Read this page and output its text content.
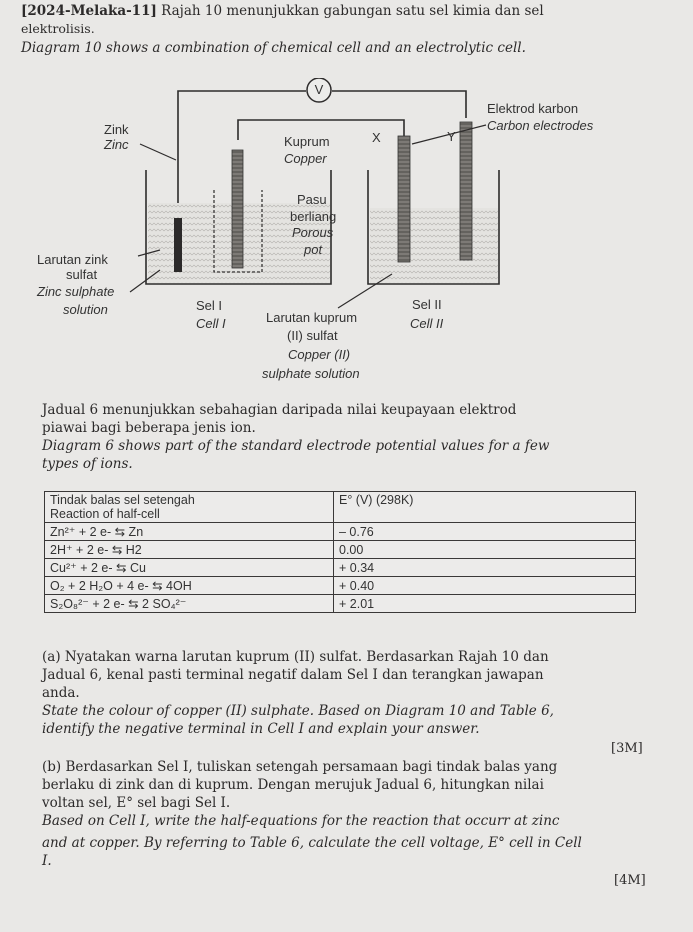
[2024-Melaka-11] Rajah 10 menunjukkan gabungan satu sel kimia dan sel
elektrolisis.
Diagram 10 shows a combination of chemical cell and an electrolytic cell.
V
Zink
Zinc	Kuprum
Copper
X	Y
Elektrod karbon
Carbon electrodes
Pasu
berliang
Porous
pot
Larutan zink
sulfat
Zinc sulphate
solution	Sel I
Cell I	Larutan kuprum
(II) sulfat
Copper (II)
sulphate solution
Sel II
Cell II
Jadual 6 menunjukkan sebahagian daripada nilai keupayaan elektrod
piawai bagi beberapa jenis ion.
Diagram 6 shows part of the standard electrode potential values for a few
types of ions.
Tindak balas sel setengah
Reaction of half-cell	E° (V) (298K)
Zn²⁺ + 2 e- ⇆ Zn	– 0.76
2H⁺ + 2 e- ⇆ H2	0.00
Cu²⁺ + 2 e- ⇆ Cu	+ 0.34
O₂ + 2 H₂O + 4 e- ⇆ 4OH	+ 0.40
S₂O₈²⁻ + 2 e- ⇆ 2 SO₄²⁻	+ 2.01
(a) Nyatakan warna larutan kuprum (II) sulfat. Berdasarkan Rajah 10 dan
Jadual 6, kenal pasti terminal negatif dalam Sel I dan terangkan jawapan
anda.
State the colour of copper (II) sulphate. Based on Diagram 10 and Table 6,
identify the negative terminal in Cell I and explain your answer.
[3M]
(b) Berdasarkan Sel I, tuliskan setengah persamaan bagi tindak balas yang
berlaku di zink dan di kuprum. Dengan merujuk Jadual 6, hitungkan nilai
voltan sel, E° sel bagi Sel I.
Based on Cell I, write the half-equations for the reaction that occurr at zinc
and at copper. By referring to Table 6, calculate the cell voltage, E° cell in Cell
I.
[4M]
